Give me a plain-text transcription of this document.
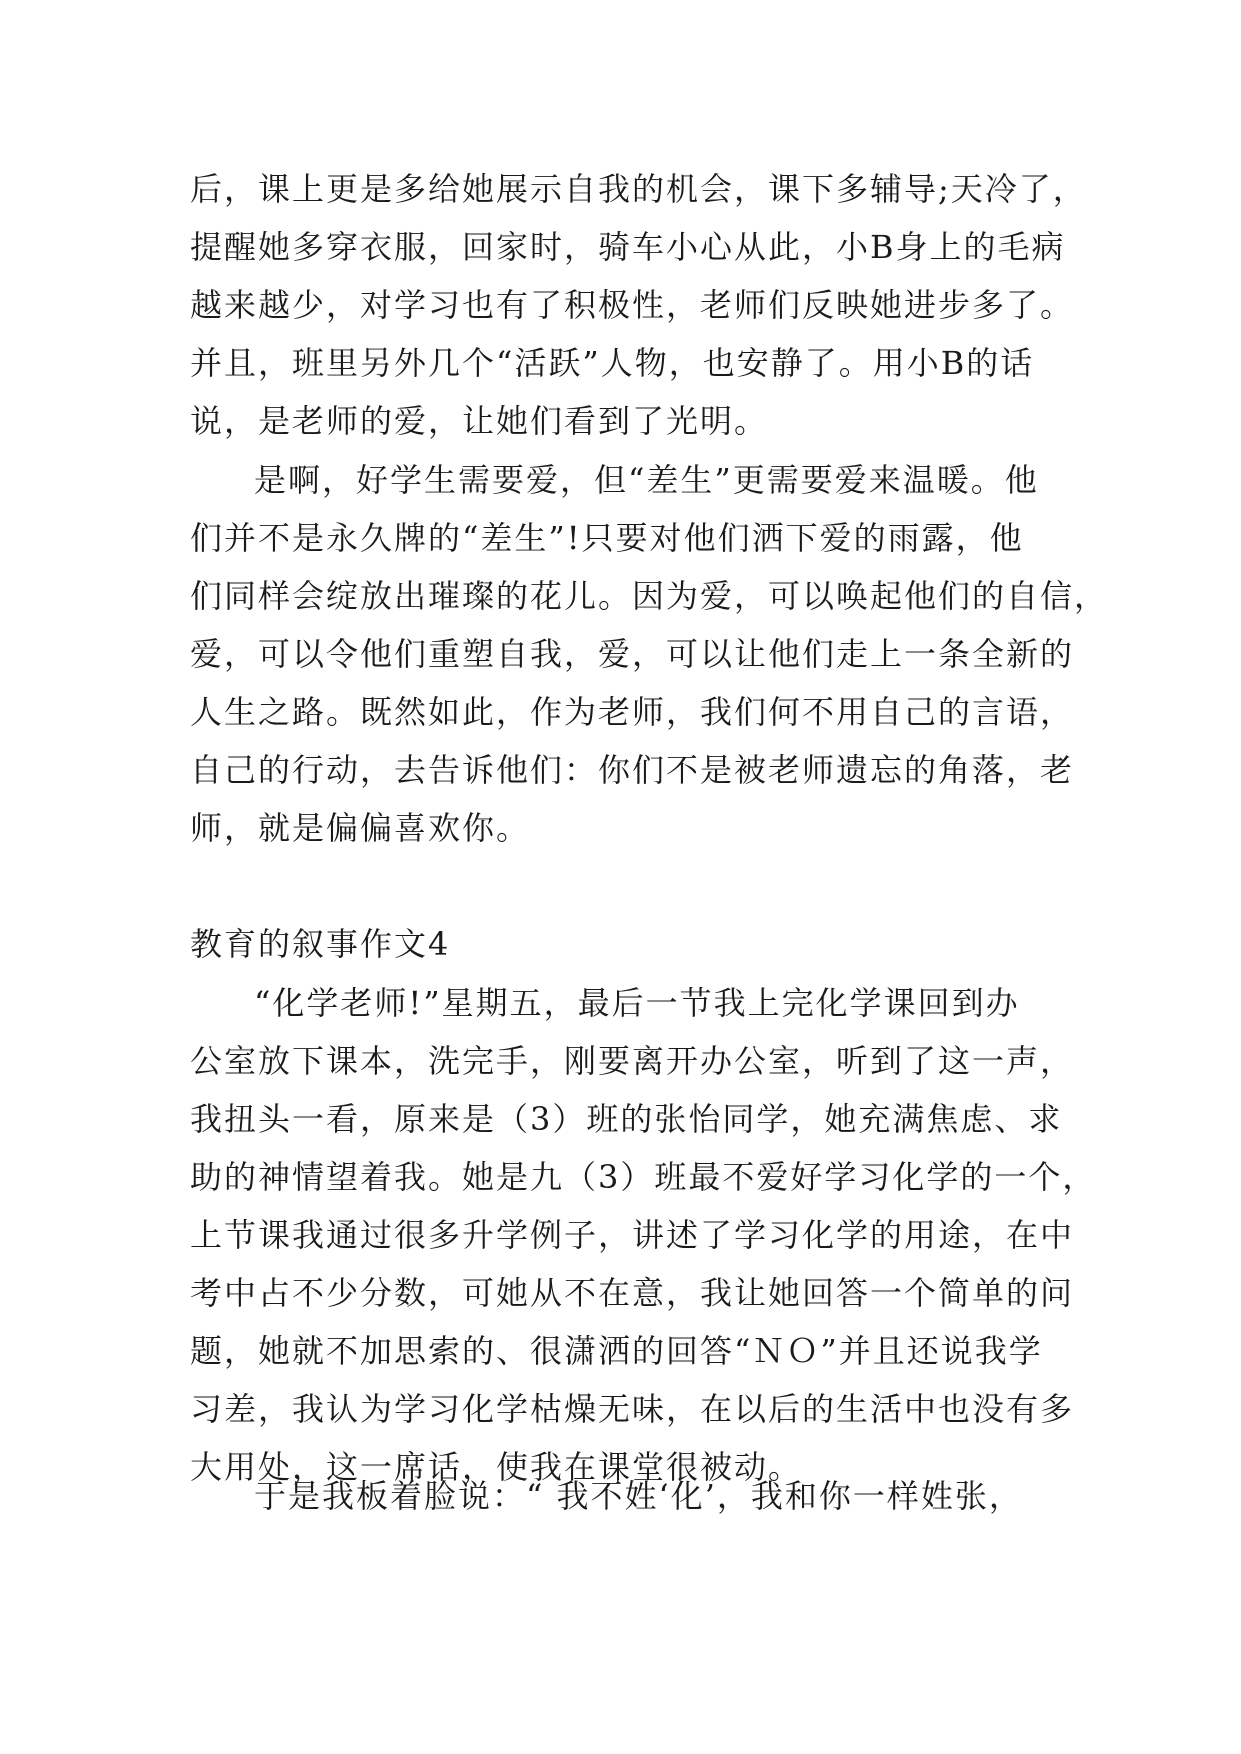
后，课上更是多给她展示自我的机会，课下多辅导;天冷了，
提醒她多穿衣服，回家时，骑车小心从此，小B身上的毛病
越来越少，对学习也有了积极性，老师们反映她进步多了。
并且，班里另外几个“活跃”人物，也安静了。用小B的话
说，是老师的爱，让她们看到了光明。
是啊，好学生需要爱，但“差生”更需要爱来温暖。他
们并不是永久牌的“差生”!只要对他们洒下爱的雨露，他
们同样会绽放出璀璨的花儿。因为爱，可以唤起他们的自信，
爱，可以令他们重塑自我，爱，可以让他们走上一条全新的
人生之路。既然如此，作为老师，我们何不用自己的言语，
自己的行动，去告诉他们：你们不是被老师遗忘的角落，老
师，就是偏偏喜欢你。
教育的叙事作文4
“化学老师!”星期五，最后一节我上完化学课回到办
公室放下课本，洗完手，刚要离开办公室，听到了这一声，
我扭头一看，原来是（3）班的张怡同学，她充满焦虑、求
助的神情望着我。她是九（3）班最不爱好学习化学的一个，
上节课我通过很多升学例子，讲述了学习化学的用途，在中
考中占不少分数，可她从不在意，我让她回答一个简单的问
题，她就不加思索的、很潇洒的回答“ＮＯ”并且还说我学
习差，我认为学习化学枯燥无味，在以后的生活中也没有多
大用处，这一席话，使我在课堂很被动。
于是我板着脸说：“ 我不姓‘化’，我和你一样姓张，
